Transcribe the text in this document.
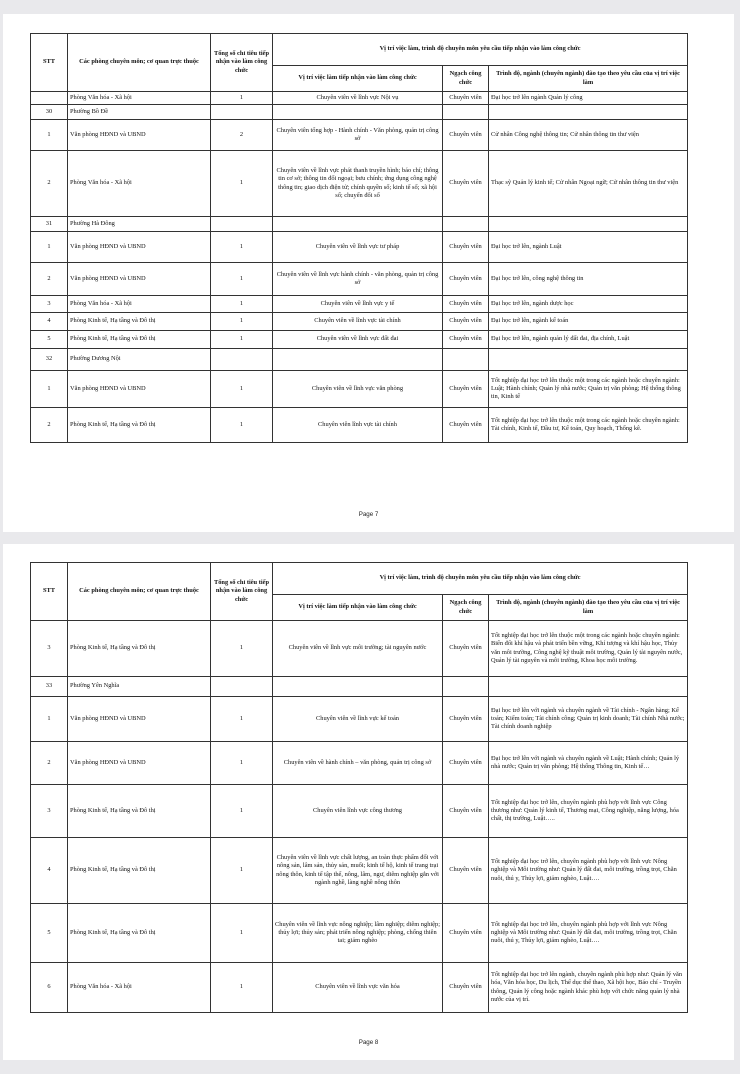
STT	Các phòng chuyên môn; cơ quan trực thuộc	Tổng số chỉ tiêu tiếp nhận vào làm công chức	Vị trí việc làm, trình độ chuyên môn yêu cầu tiếp nhận vào làm công chức		
			Vị trí việc làm tiếp nhận vào làm công chức	Ngạch công chức	Trình độ, ngành (chuyên ngành) đào tạo theo yêu cầu của vị trí việc làm
	Phòng Văn hóa - Xã hội	1	Chuyên viên về lĩnh vực Nội vụ	Chuyên viên	Đại học trở lên ngành Quản lý công
30	Phường Bồ Đề				
1	Văn phòng HĐND và UBND	2	Chuyên viên tổng hợp - Hành chính - Văn phòng, quản trị công sở	Chuyên viên	Cử nhân Công nghệ thông tin; Cử nhân thông tin thư viện
2	Phòng Văn hóa - Xã hội	1	Chuyên viên về lĩnh vực phát thanh truyền hình; báo chí; thông tin cơ sở; thông tin đối ngoại; bưu chính; ứng dụng công nghệ thông tin; giao dịch điện tử; chính quyền số; kinh tế số; xã hội số; chuyển đổi số	Chuyên viên	Thạc sỹ Quản lý kinh tế; Cử nhân Ngoại ngữ; Cử nhân thông tin thư viện
31	Phường Hà Đông				
1	Văn phòng HĐND và UBND	1	Chuyên viên về lĩnh vực tư pháp	Chuyên viên	Đại học trở lên, ngành Luật
2	Văn phòng HĐND và UBND	1	Chuyên viên về lĩnh vực hành chính - văn phòng, quản trị công sở	Chuyên viên	Đại học trở lên, công nghệ thông tin
3	Phòng Văn hóa - Xã hội	1	Chuyên viên về lĩnh vực y tế	Chuyên viên	Đại học trở lên, ngành dược học
4	Phòng Kinh tế, Hạ tầng và Đô thị	1	Chuyên viên về lĩnh vực tài chính	Chuyên viên	Đại học trở lên, ngành kế toán
5	Phòng Kinh tế, Hạ tầng và Đô thị	1	Chuyên viên về lĩnh vực đất đai	Chuyên viên	Đại học trở lên, ngành quản lý đất đai, địa chính, Luật
32	Phường Dương Nội				
1	Văn phòng HĐND và UBND	1	Chuyên viên về lĩnh vực văn phòng	Chuyên viên	Tốt nghiệp đại học trở lên thuộc một trong các ngành hoặc chuyên ngành: Luật; Hành chính; Quản lý nhà nước; Quản trị văn phòng; Hệ thống thông tin, Kinh tế
2	Phòng Kinh tế, Hạ tầng và Đô thị	1	Chuyên viên lĩnh vực tài chính	Chuyên viên	Tốt nghiệp đại học trở lên thuộc một trong các ngành hoặc chuyên ngành: Tài chính, Kinh tế, Đầu tư, Kế toán, Quy hoạch, Thống kê.
Page 7
STT	Các phòng chuyên môn; cơ quan trực thuộc	Tổng số chỉ tiêu tiếp nhận vào làm công chức	Vị trí việc làm, trình độ chuyên môn yêu cầu tiếp nhận vào làm công chức		
			Vị trí việc làm tiếp nhận vào làm công chức	Ngạch công chức	Trình độ, ngành (chuyên ngành) đào tạo theo yêu cầu của vị trí việc làm
3	Phòng Kinh tế, Hạ tầng và Đô thị	1	Chuyên viên về lĩnh vực môi trường; tài nguyên nước	Chuyên viên	Tốt nghiệp đại học trở lên thuộc một trong các ngành hoặc chuyên ngành: Biến đổi khí hậu và phát triển bền vững, Khí tượng và khí hậu học, Thủy văn môi trường, Công nghệ kỹ thuật môi trường, Quản lý tài nguyên nước, Quản lý tài nguyên và môi trường, Khoa học môi trường.
33	Phường Yên Nghĩa				
1	Văn phòng HĐND và UBND	1	Chuyên viên về lĩnh vực kế toán	Chuyên viên	Đại học trở lên với ngành và chuyên ngành về Tài chính - Ngân hàng; Kế toán; Kiểm toán; Tài chính công; Quản trị kinh doanh; Tài chính Nhà nước; Tài chính doanh nghiệp
2	Văn phòng HĐND và UBND	1	Chuyên viên về hành chính – văn phòng, quản trị công sở	Chuyên viên	Đại học trở lên với ngành và chuyên ngành về Luật; Hành chính; Quản lý nhà nước; Quản trị văn phòng; Hệ thống Thông tin, Kinh tế…
3	Phòng Kinh tế, Hạ tầng và Đô thị	1	Chuyên viên lĩnh vực công thương	Chuyên viên	Tốt nghiệp đại học trở lên, chuyên ngành phù hợp với lĩnh vực Công thương như: Quản lý kinh tế, Thương mại, Công nghiệp, năng lượng, hóa chất, thị trường, Luật…..
4	Phòng Kinh tế, Hạ tầng và Đô thị	1	Chuyên viên về lĩnh vực chất lượng, an toàn thực phẩm đối với nông sản, lâm sản, thủy sản, muối; kinh tế hộ, kinh tế trang trại nông thôn, kinh tế tập thể, nông, lâm, ngư, diêm nghiệp gắn với ngành nghề, làng nghề nông thôn	Chuyên viên	Tốt nghiệp đại học trở lên, chuyên ngành phù hợp với lĩnh vực Nông nghiệp và Môi trường như: Quản lý đất đai, môi trường, trồng trọt, Chăn nuôi, thú y, Thủy lợi, giảm nghèo, Luật….
5	Phòng Kinh tế, Hạ tầng và Đô thị	1	Chuyên viên về lĩnh vực nông nghiệp; lâm nghiệp; diêm nghiệp; thủy lợi; thủy sản; phát triển nông nghiệp; phòng, chống thiên tai; giảm nghèo	Chuyên viên	Tốt nghiệp đại học trở lên, chuyên ngành phù hợp với lĩnh vực Nông nghiệp và Môi trường như: Quản lý đất đai, môi trường, trồng trọt, Chăn nuôi, thú y, Thủy lợi, giảm nghèo, Luật….
6	Phòng Văn hóa - Xã hội	1	Chuyên viên về lĩnh vực văn hóa	Chuyên viên	Tốt nghiệp đại học trở lên ngành, chuyên ngành phù hợp như: Quản lý văn hóa, Văn hóa học, Du lịch, Thể dục thể thao, Xã hội học, Báo chí - Truyền thông, Quản lý công hoặc ngành khác phù hợp với chức năng quản lý nhà nước của vị trí.
Page 8
